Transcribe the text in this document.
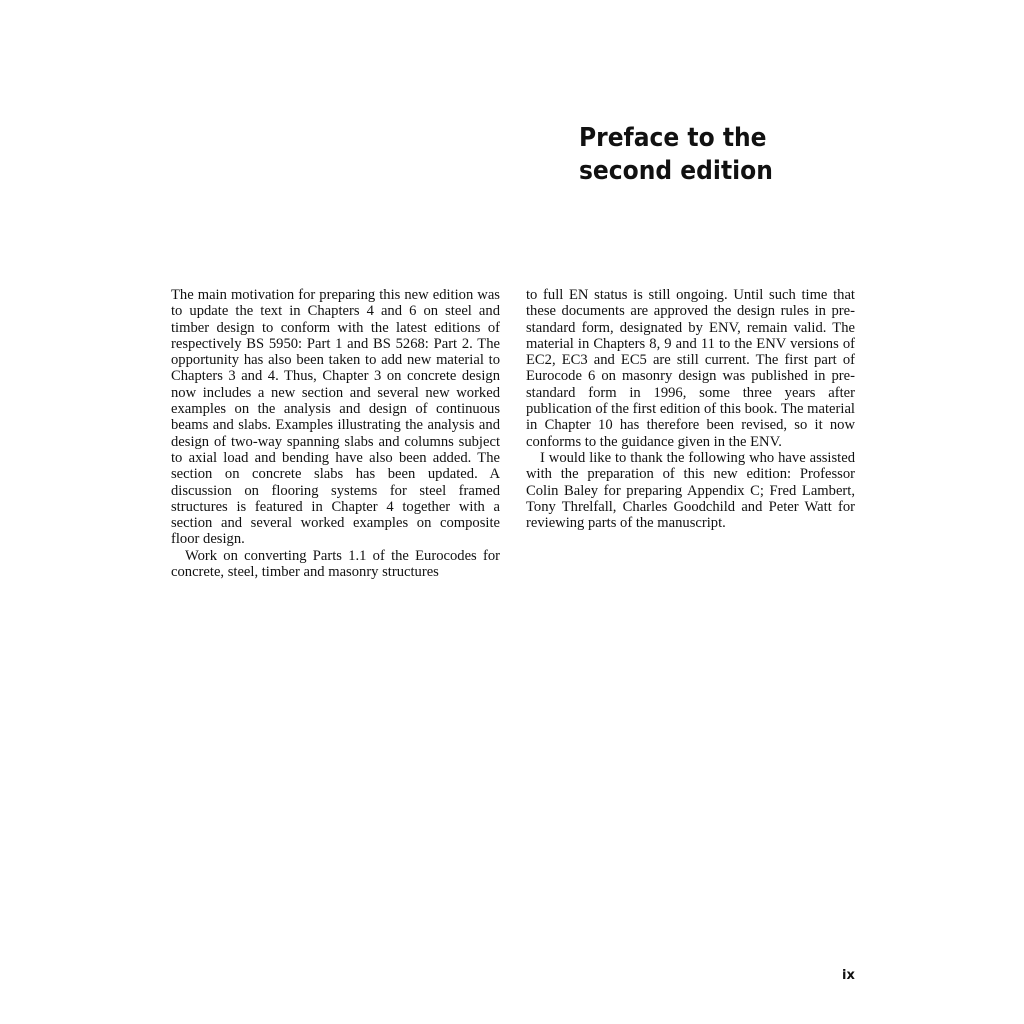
Preface to the
second edition

The main motivation for preparing this new edition was to update the text in Chapters 4 and 6 on steel and timber design to conform with the latest editions of respectively BS 5950: Part 1 and BS 5268: Part 2. The opportunity has also been taken to add new material to Chapters 3 and 4. Thus, Chapter 3 on concrete design now includes a new section and several new worked examples on the analysis and design of continuous beams and slabs. Examples illustrating the analysis and design of two-way spanning slabs and columns subject to axial load and bending have also been added. The section on concrete slabs has been updated. A discussion on flooring systems for steel framed structures is featured in Chapter 4 together with a section and several worked examples on composite floor design.

Work on converting Parts 1.1 of the Eurocodes for concrete, steel, timber and masonry structures

to full EN status is still ongoing. Until such time that these documents are approved the design rules in pre-standard form, designated by ENV, remain valid. The material in Chapters 8, 9 and 11 to the ENV versions of EC2, EC3 and EC5 are still current. The first part of Eurocode 6 on masonry design was published in pre-standard form in 1996, some three years after publication of the first edition of this book. The material in Chapter 10 has therefore been revised, so it now conforms to the guidance given in the ENV.

I would like to thank the following who have assisted with the preparation of this new edition: Professor Colin Baley for preparing Appendix C; Fred Lambert, Tony Threlfall, Charles Goodchild and Peter Watt for reviewing parts of the manuscript.

ix
